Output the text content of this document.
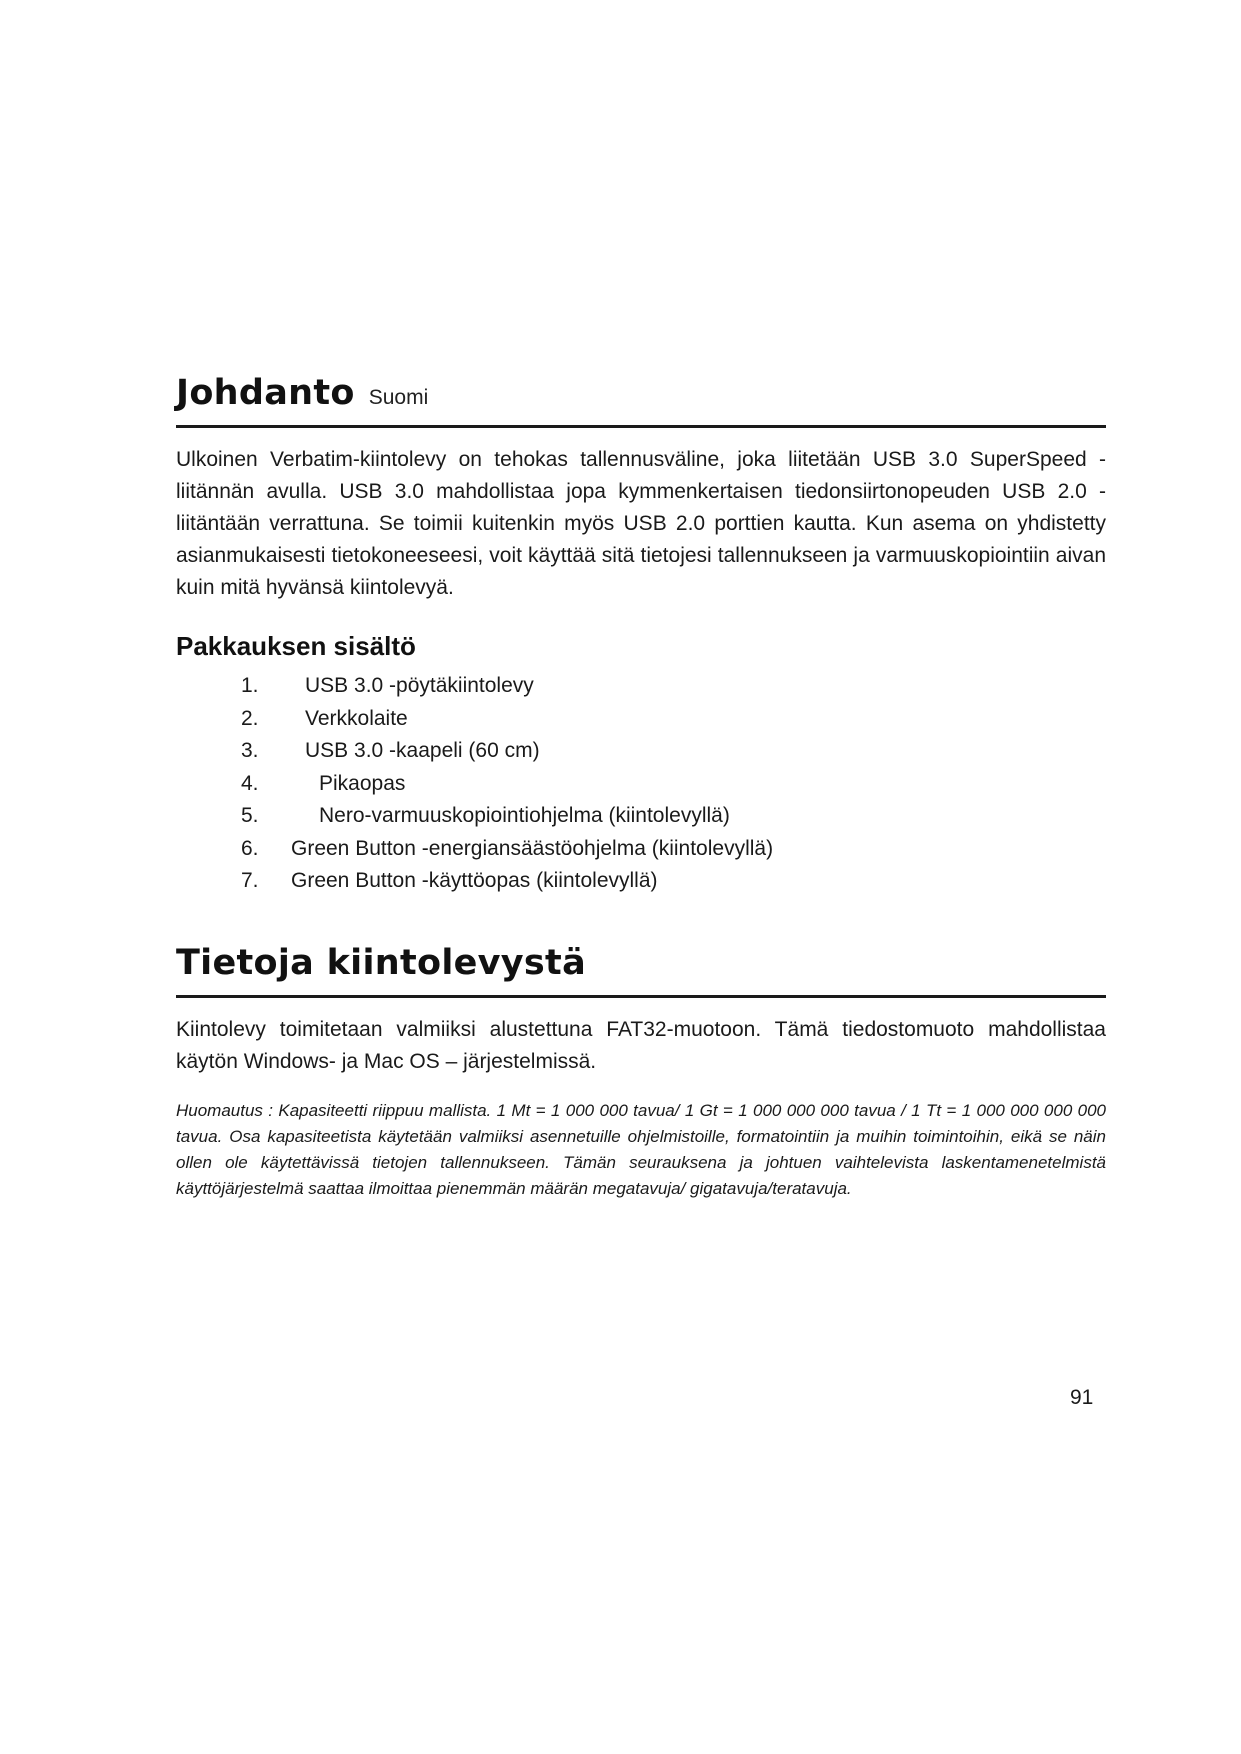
Johdanto Suomi

Ulkoinen Verbatim-kiintolevy on tehokas tallennusväline, joka liitetään USB 3.0 SuperSpeed -liitännän avulla. USB 3.0 mahdollistaa jopa kymmenkertaisen tiedonsiirtonopeuden USB 2.0 -liitäntään verrattuna. Se toimii kuitenkin myös USB 2.0 porttien kautta. Kun asema on yhdistetty asianmukaisesti tietokoneeseesi, voit käyttää sitä tietojesi tallennukseen ja varmuuskopiointiin aivan kuin mitä hyvänsä kiintolevyä.

Pakkauksen sisältö
1.	USB 3.0 -pöytäkiintolevy
2.	Verkkolaite
3.	USB 3.0 -kaapeli (60 cm)
4.	Pikaopas
5.	Nero-varmuuskopiointiohjelma (kiintolevyllä)
6.	Green Button -energiansäästöohjelma (kiintolevyllä)
7.	Green Button -käyttöopas (kiintolevyllä)
Tietoja kiintolevystä

Kiintolevy toimitetaan valmiiksi alustettuna FAT32-muotoon. Tämä tiedostomuoto mahdollistaa käytön Windows- ja Mac OS – järjestelmissä.

Huomautus : Kapasiteetti riippuu mallista. 1 Mt = 1 000 000 tavua/ 1 Gt = 1 000 000 000 tavua / 1 Tt = 1 000 000 000 000 tavua. Osa kapasiteetista käytetään valmiiksi asennetuille ohjelmistoille, formatointiin ja muihin toimintoihin, eikä se näin ollen ole käytettävissä tietojen tallennukseen. Tämän seurauksena ja johtuen vaihtelevista laskentamenetelmistä käyttöjärjestelmä saattaa ilmoittaa pienemmän määrän megatavuja/ gigatavuja/teratavuja.

91
